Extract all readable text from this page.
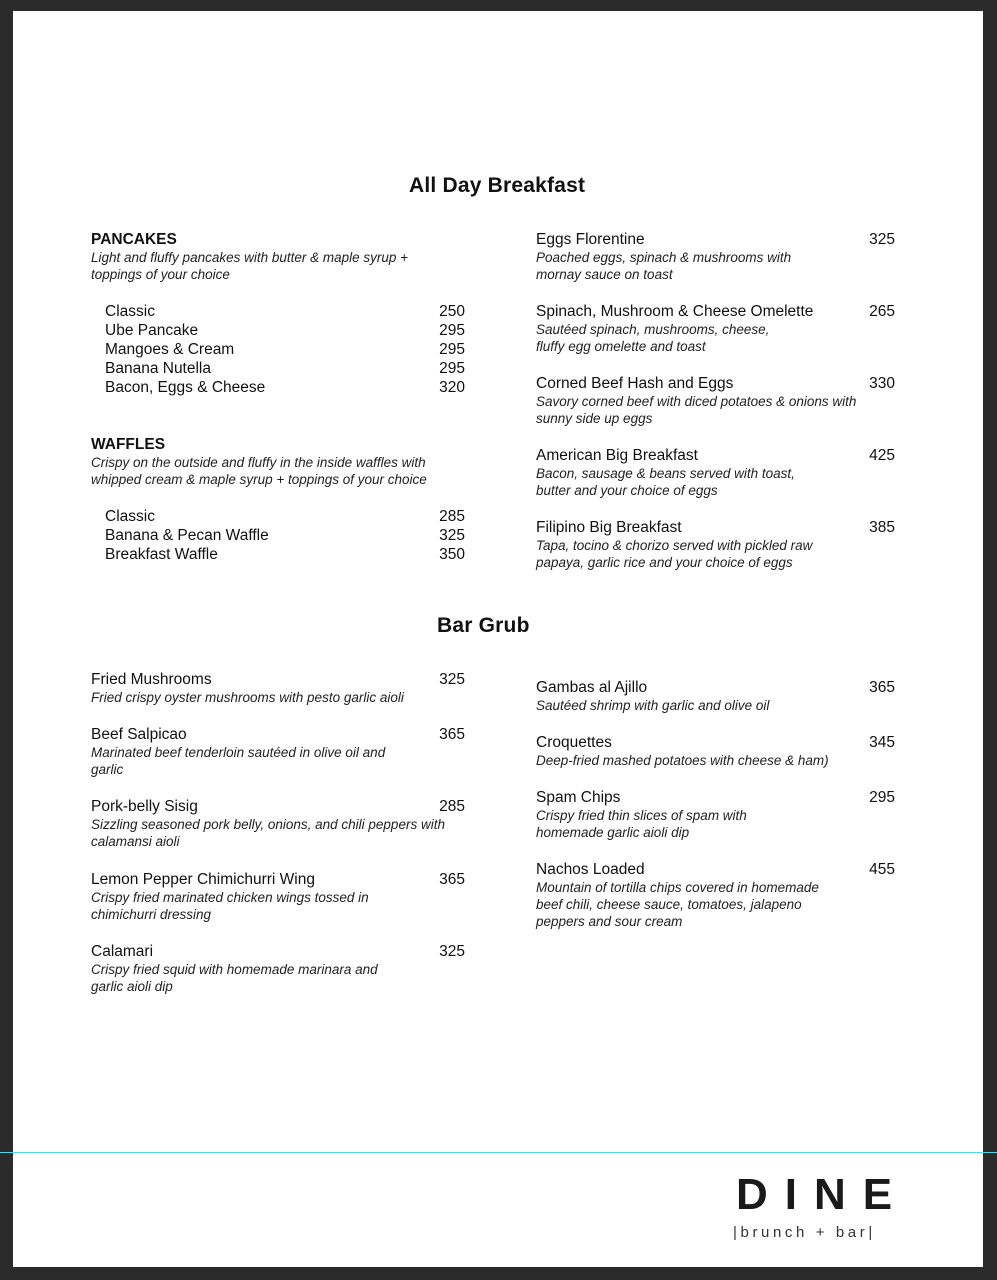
All Day Breakfast
PANCAKES
Light and fluffy pancakes with butter & maple syrup + toppings of your choice
Classic	250
Ube Pancake	295
Mangoes & Cream	295
Banana Nutella	295
Bacon, Eggs & Cheese	320
WAFFLES
Crispy on the outside and fluffy in the inside waffles with whipped cream & maple syrup + toppings of your choice
Classic	285
Banana & Pecan Waffle	325
Breakfast Waffle	350
Eggs Florentine	325
Poached eggs, spinach & mushrooms with mornay sauce on toast
Spinach, Mushroom & Cheese Omelette	265
Sautéed spinach, mushrooms, cheese, fluffy egg omelette and toast
Corned Beef Hash and Eggs	330
Savory corned beef with diced potatoes & onions with sunny side up eggs
American Big Breakfast	425
Bacon, sausage & beans served with toast, butter and your choice of eggs
Filipino Big Breakfast	385
Tapa, tocino & chorizo served with pickled raw papaya, garlic rice and your choice of eggs
Bar Grub
Fried Mushrooms	325
Fried crispy oyster mushrooms with pesto garlic aioli
Beef Salpicao	365
Marinated beef tenderloin sautéed in olive oil and garlic
Pork-belly Sisig	285
Sizzling seasoned pork belly, onions, and chili peppers with calamansi aioli
Lemon Pepper Chimichurri Wing	365
Crispy fried marinated chicken wings tossed in chimichurri dressing
Calamari	325
Crispy fried squid with homemade marinara and garlic aioli dip
Gambas al Ajillo	365
Sautéed shrimp with garlic and olive oil
Croquettes	345
Deep-fried mashed potatoes with cheese & ham)
Spam Chips	295
Crispy fried thin slices of spam with homemade garlic aioli dip
Nachos Loaded	455
Mountain of tortilla chips covered in homemade beef chili, cheese sauce, tomatoes, jalapeno peppers and sour cream
DINE
|brunch + bar|
